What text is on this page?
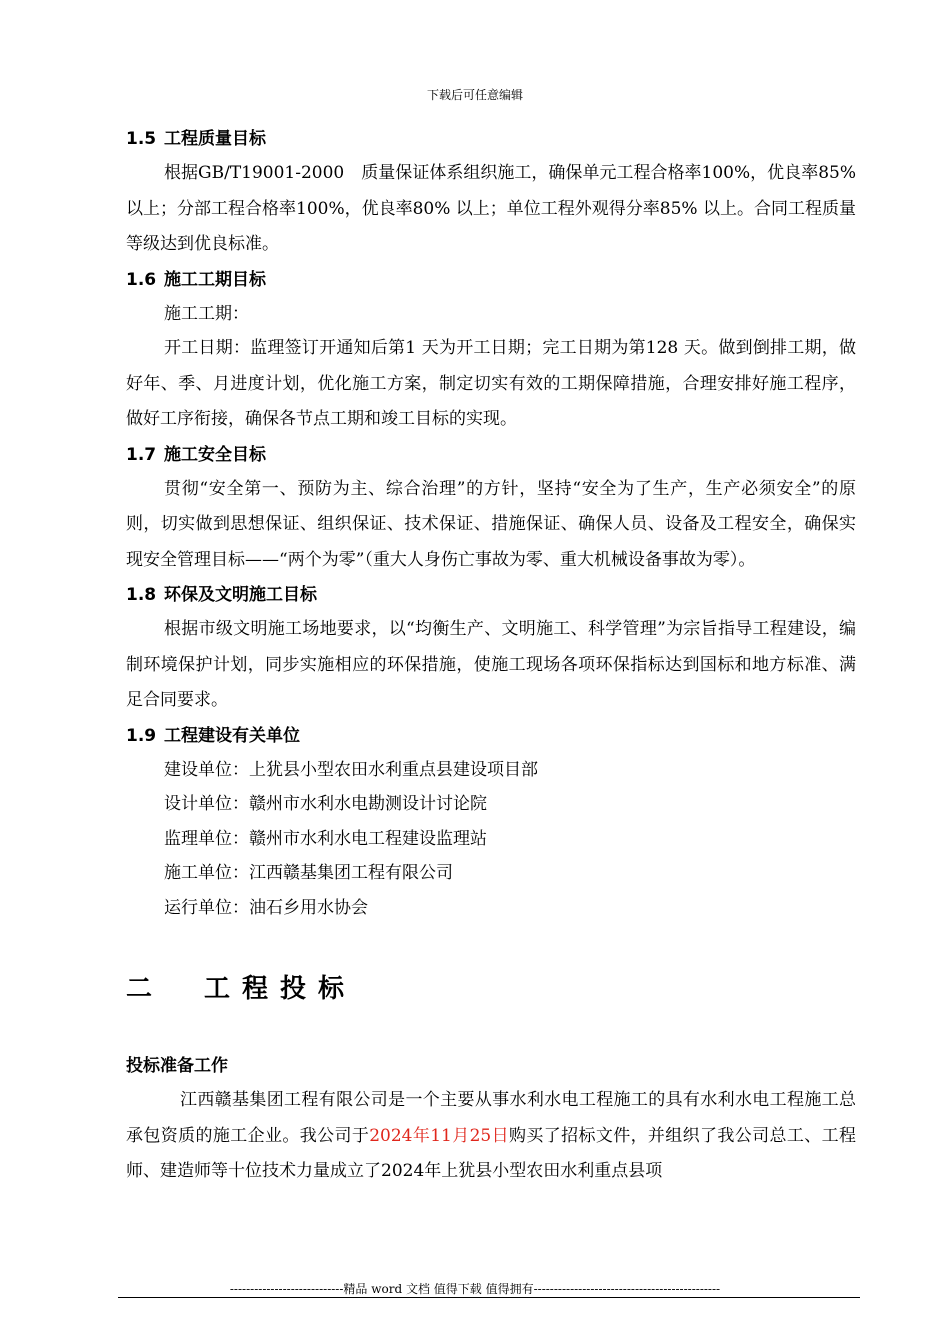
下载后可任意编辑
1.5 工程质量目标

根据GB/T19001-2000　质量保证体系组织施工，确保单元工程合格率100%，优良率85% 以上；分部工程合格率100%，优良率80% 以上；单位工程外观得分率85% 以上。合同工程质量等级达到优良标准。

1.6 施工工期目标

施工工期：

开工日期：监理签订开通知后第1 天为开工日期；完工日期为第128 天。做到倒排工期，做好年、季、月进度计划，优化施工方案，制定切实有效的工期保障措施，合理安排好施工程序，做好工序衔接，确保各节点工期和竣工目标的实现。

1.7 施工安全目标

贯彻“安全第一、预防为主、综合治理”的方针，坚持“安全为了生产，生产必须安全”的原则，切实做到思想保证、组织保证、技术保证、措施保证、确保人员、设备及工程安全，确保实现安全管理目标——“两个为零”（重大人身伤亡事故为零、重大机械设备事故为零）。

1.8 环保及文明施工目标

根据市级文明施工场地要求，以“均衡生产、文明施工、科学管理”为宗旨指导工程建设，编制环境保护计划，同步实施相应的环保措施，使施工现场各项环保指标达到国标和地方标准、满足合同要求。

1.9 工程建设有关单位

建设单位：上犹县小型农田水利重点县建设项目部

设计单位：赣州市水利水电勘测设计讨论院

监理单位：赣州市水利水电工程建设监理站

施工单位：江西赣基集团工程有限公司

运行单位：油石乡用水协会

二 工程投标
投标准备工作

江西赣基集团工程有限公司是一个主要从事水利水电工程施工的具有水利水电工程施工总承包资质的施工企业。我公司于2024年11月25日购买了招标文件，并组织了我公司总工、工程师、建造师等十位技术力量成立了2024年上犹县小型农田水利重点县项

----------------------------精品 word 文档 值得下载 值得拥有----------------------------------------------
